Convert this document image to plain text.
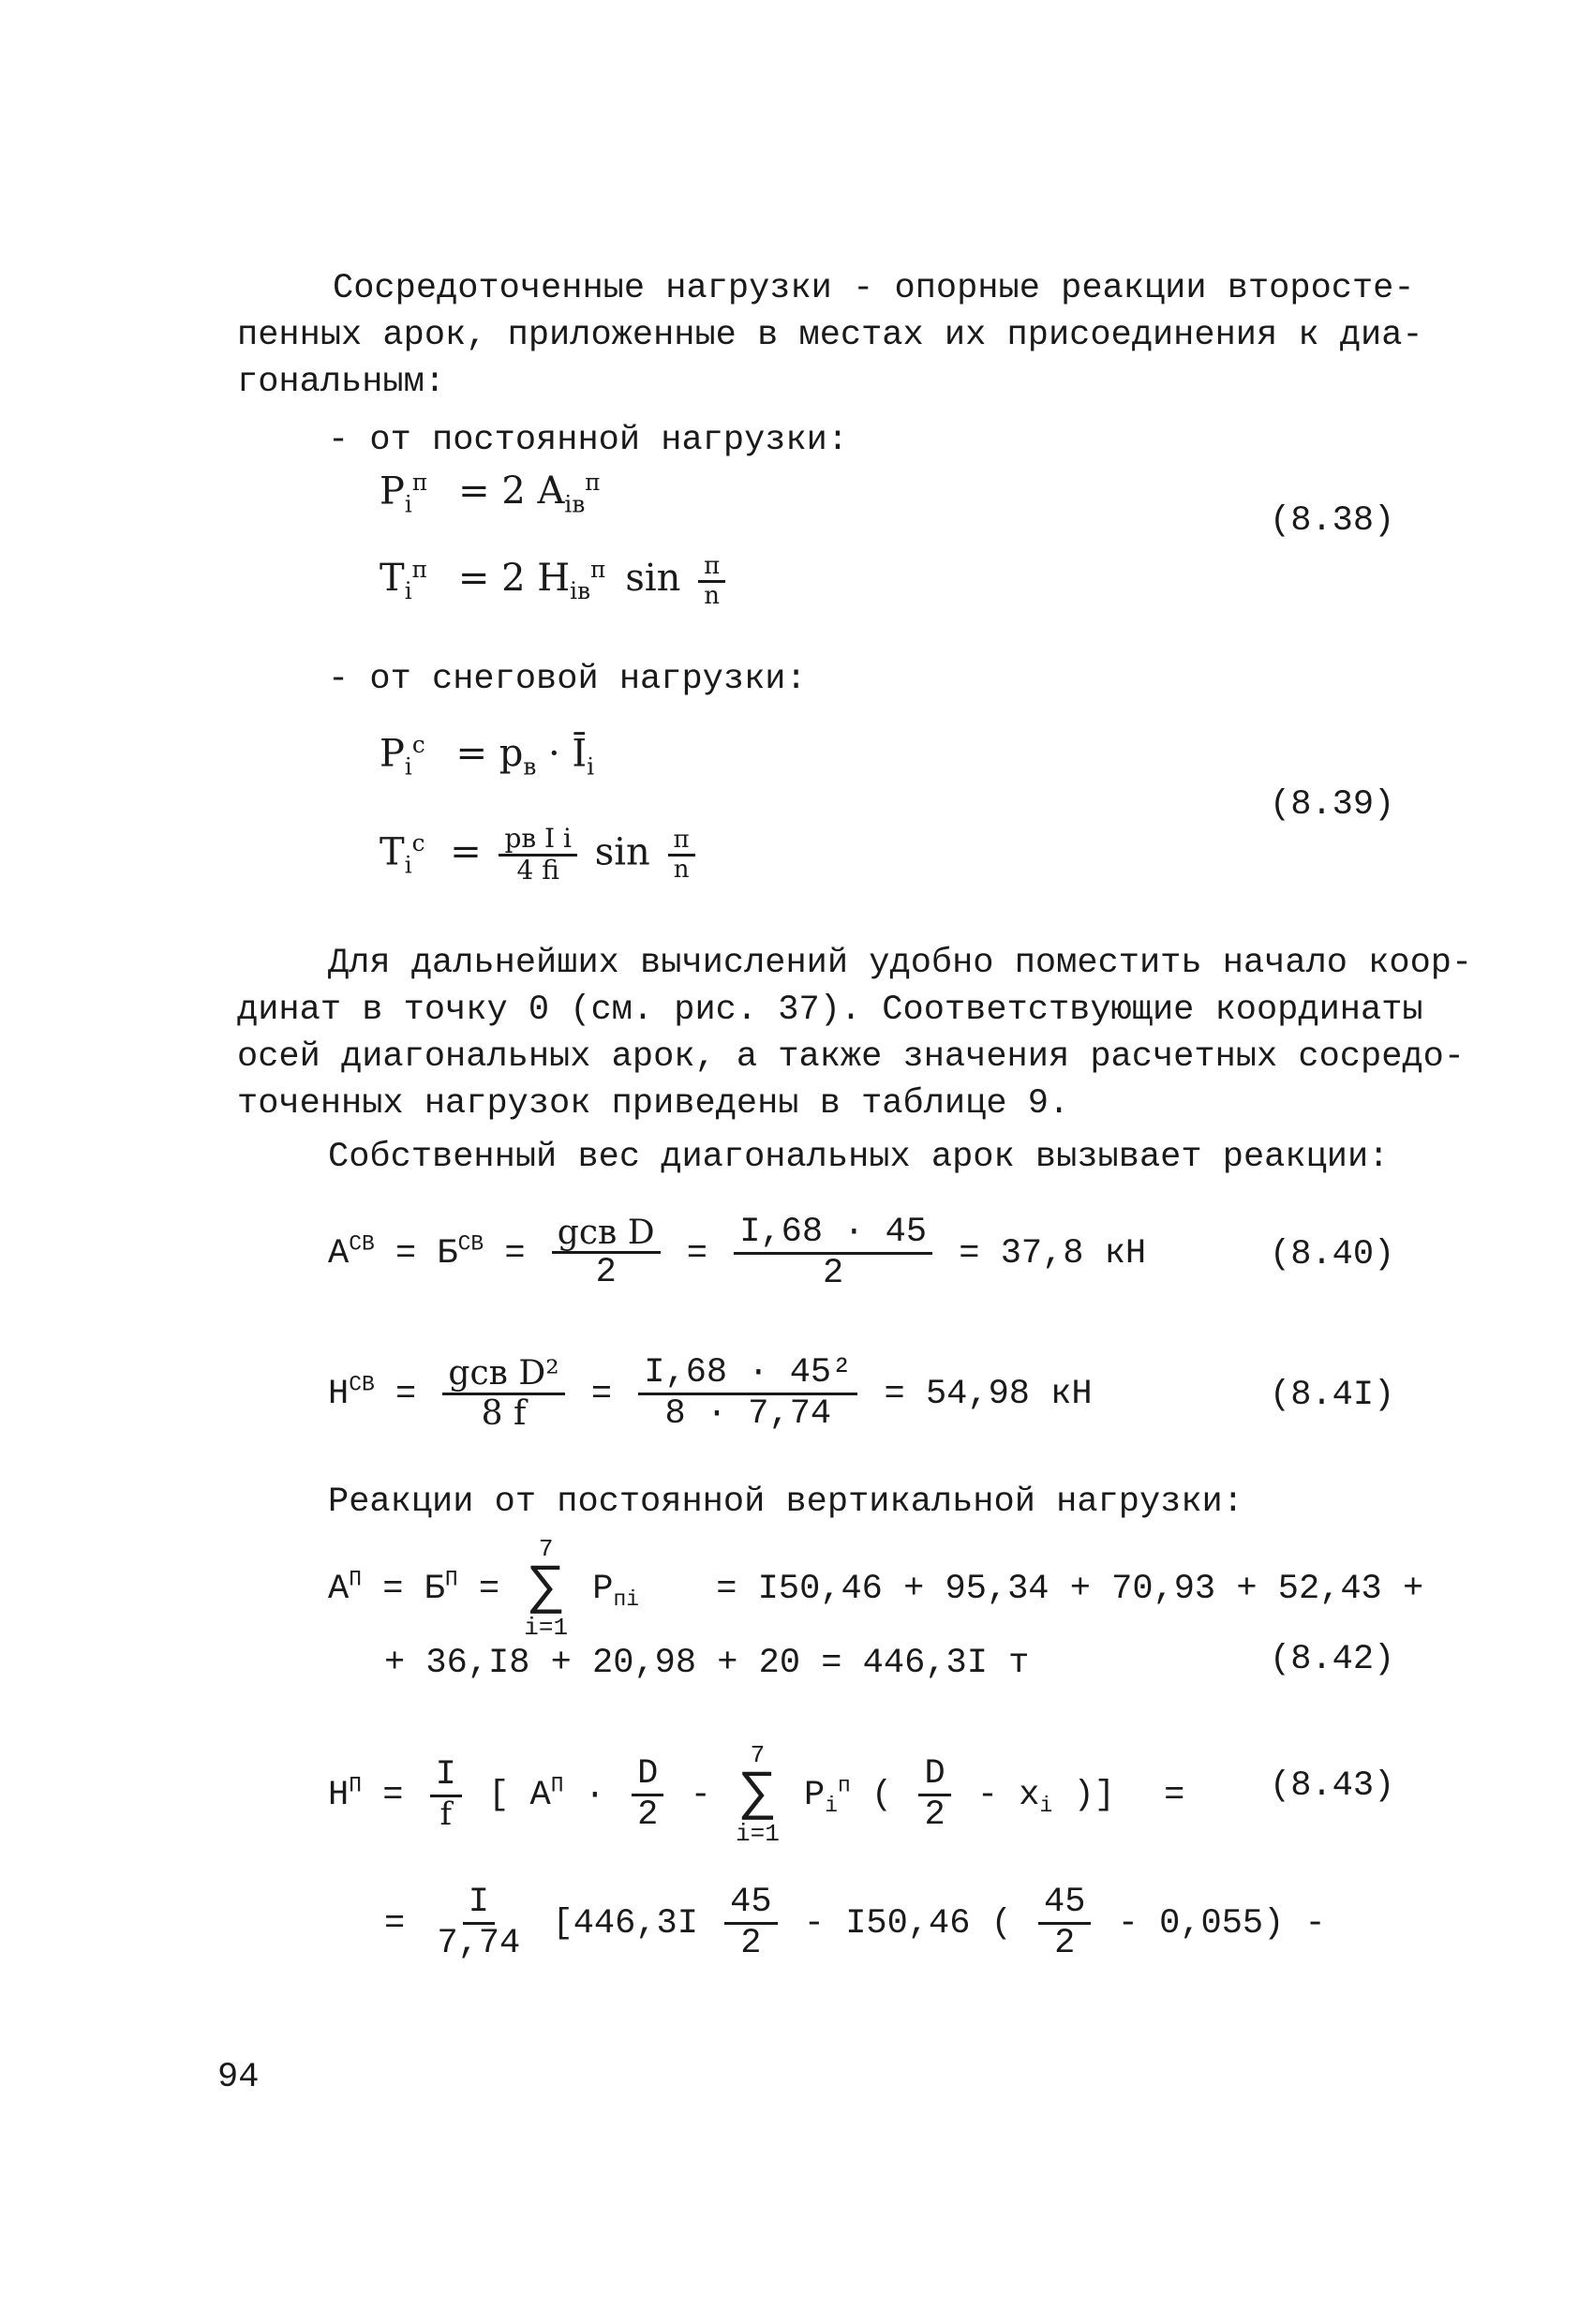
Сосредоточенные нагрузки - опорные реакции второсте-
пенных арок, приложенные в местах их присоединения к диа-
гональным:
- от постоянной нагрузки:
$P_i^п = 2$ $A_{iв}^п$
$T_i^п = 2$ $H_{iв}^п$ $\sin \frac{\pi}{n}$
(8.38)
- от снеговой нагрузки:
$P_i^с = p_в$ · $Ī_i$
$T_i^с = \frac{\text{pв I i}}{4 fi}$ $\sin \frac{\pi}{n}$
(8.39)
Для дальнейших вычислений удобно поместить начало коор-
динат в точку 0 (см. рис. 37). Соответствующие координаты
осей диагональных арок, а также значения расчетных сосредо-
точенных нагрузок приведены в таблице 9.
Собственный вес диагональных арок вызывает реакции:
$A^{СВ} = Б^{СВ} = \frac{\text{gсв D}}{2} = \frac{I,68 \cdot 45}{2} = 37,8$ кН	(8.40)
$H^{СВ} = \frac{\text{gсв D²}}{8 f} = \frac{\text{I,68 · 45²}}{8 \cdot 7,74} = 54,98$ кН	(8.4I)
Реакции от постоянной вертикальной нагрузки:
$A^П = Б^П$ =
7
∑
i=1
$P_{пi} = I50,46 + 95,34 + 70,93 + 52,43$ +
+ 36,I8 + 20,98 + 20 = 446,3I т	(8.42)
$H^П = \frac{I}{f}$ [ $A^П \cdot \frac{D}{2}$ -
7
∑
i=1
$P_i^п$ ( $\frac{D}{2} - x_i$ )] = (8.43)
= $\frac{I}{7,74} [446,3I \frac{45}{2} - I50,46$ ( $\frac{45}{2} - 0,055$) -
94
